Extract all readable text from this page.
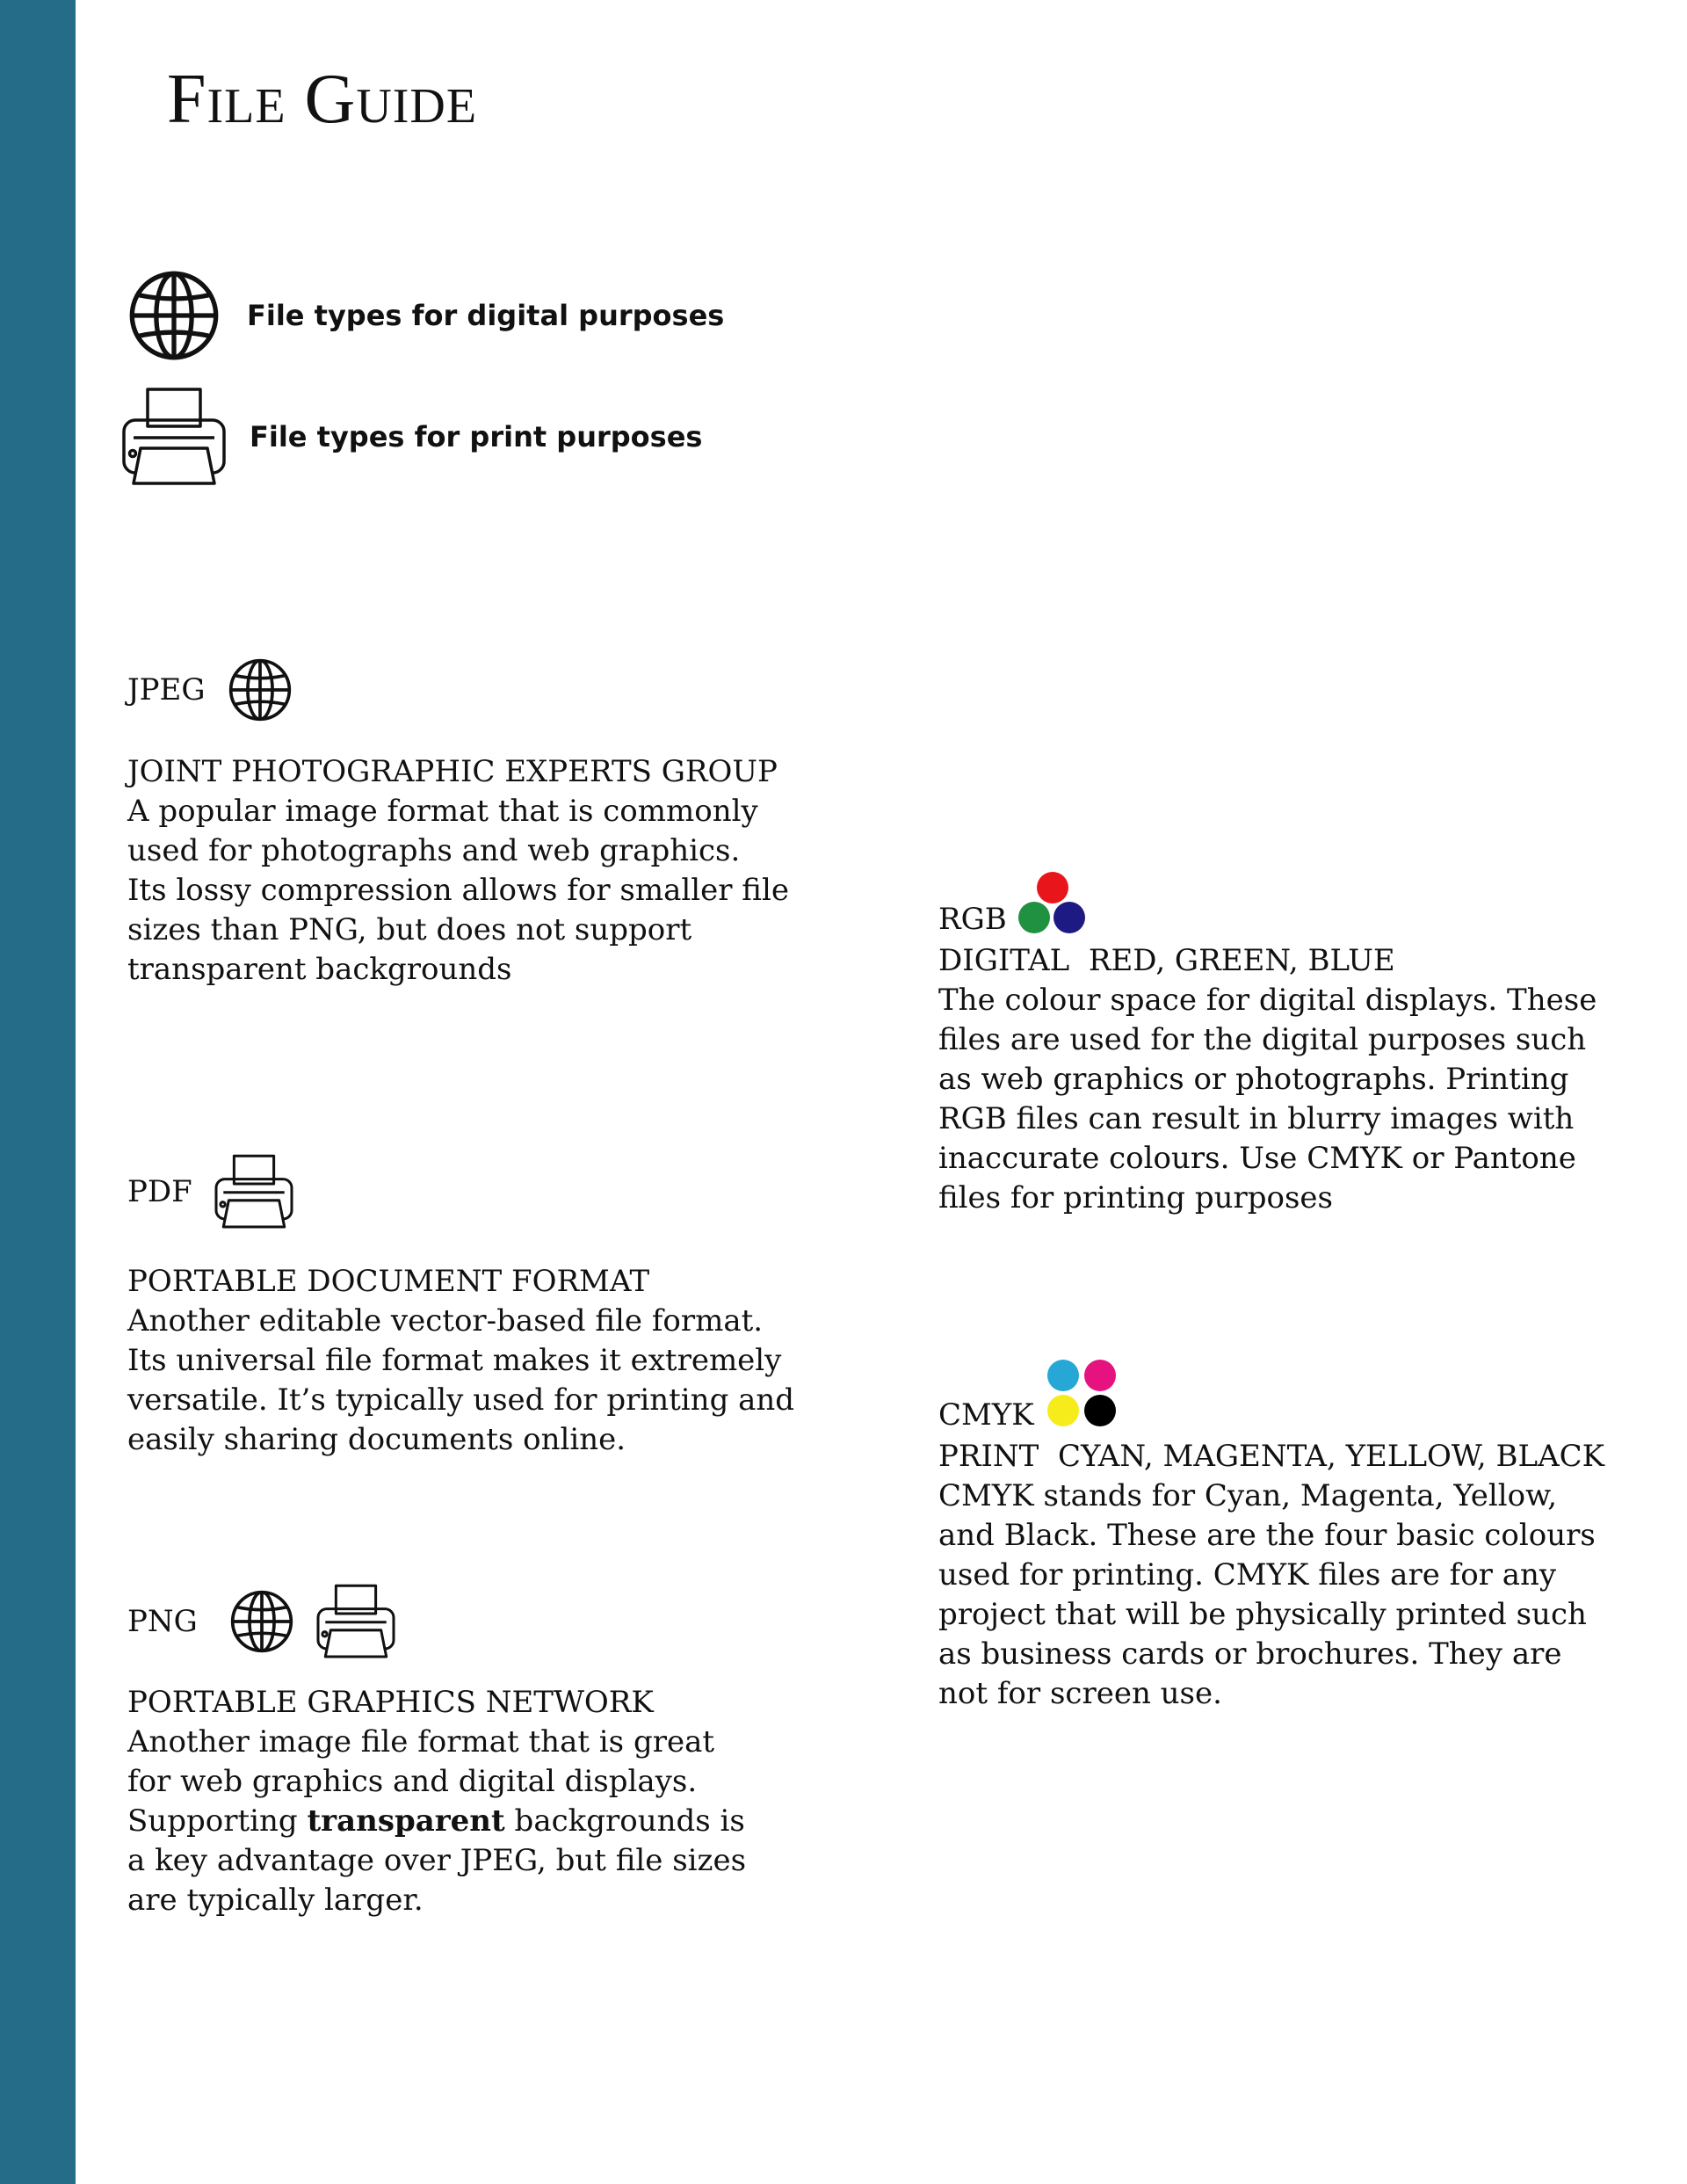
File Guide
File types for digital purposes
File types for print purposes
JPEG
JOINT PHOTOGRAPHIC EXPERTS GROUP
A popular image format that is commonly
used for photographs and web graphics.
Its lossy compression allows for smaller file
sizes than PNG, but does not support
transparent backgrounds
PDF
PORTABLE DOCUMENT FORMAT
Another editable vector-based file format.
Its universal file format makes it extremely
versatile. It’s typically used for printing and
easily sharing documents online.
PNG
PORTABLE GRAPHICS NETWORK
Another image file format that is great
for web graphics and digital displays.
Supporting transparent backgrounds is
a key advantage over JPEG, but file sizes
are typically larger.
RGB
DIGITAL  RED, GREEN, BLUE
The colour space for digital displays. These
files are used for the digital purposes such
as web graphics or photographs. Printing
RGB files can result in blurry images with
inaccurate colours. Use CMYK or Pantone
files for printing purposes
CMYK
PRINT  CYAN, MAGENTA, YELLOW, BLACK
CMYK stands for Cyan, Magenta, Yellow,
and Black. These are the four basic colours
used for printing. CMYK files are for any
project that will be physically printed such
as business cards or brochures. They are
not for screen use.
